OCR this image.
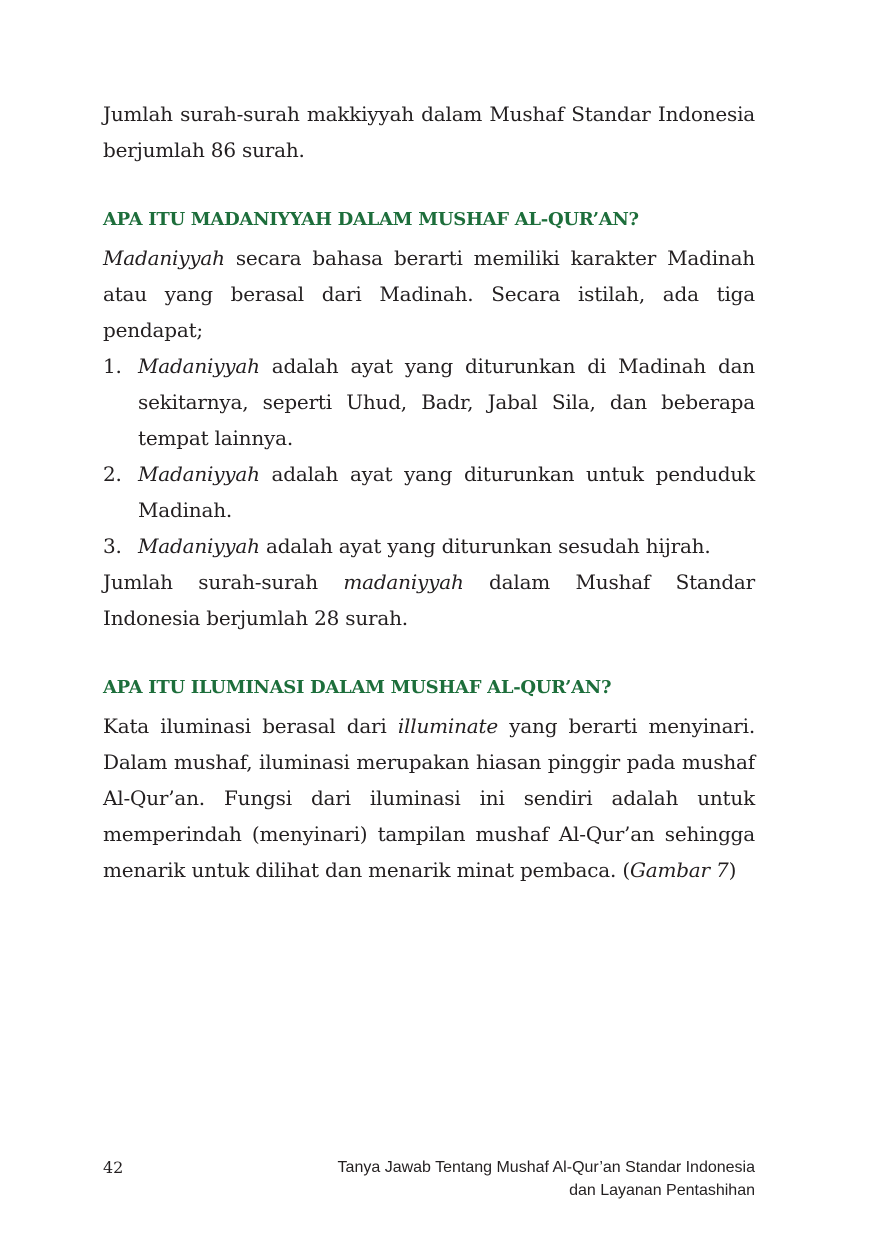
Jumlah surah-surah makkiyyah dalam Mushaf Standar Indonesia berjumlah 86 surah.

APA ITU MADANIYYAH DALAM MUSHAF AL-QUR’AN?

Madaniyyah secara bahasa berarti memiliki karakter Madinah atau yang berasal dari Madinah. Secara istilah, ada tiga pendapat;

1. Madaniyyah adalah ayat yang diturunkan di Madinah dan sekitarnya, seperti Uhud, Badr, Jabal Sila, dan beberapa tempat lainnya.
2. Madaniyyah adalah ayat yang diturunkan untuk penduduk Madinah.
3. Madaniyyah adalah ayat yang diturunkan sesudah hijrah.

Jumlah surah-surah madaniyyah dalam Mushaf Standar Indonesia berjumlah 28 surah.

APA ITU ILUMINASI DALAM MUSHAF AL-QUR’AN?

Kata iluminasi berasal dari illuminate yang berarti menyinari. Dalam mushaf, iluminasi merupakan hiasan pinggir pada mushaf Al-Qur’an. Fungsi dari iluminasi ini sendiri adalah untuk memperindah (menyinari) tampilan mushaf Al-Qur’an sehingga menarik untuk dilihat dan menarik minat pembaca. (Gambar 7)

42	Tanya Jawab Tentang Mushaf Al-Qur’an Standar Indonesia
dan Layanan Pentashihan
